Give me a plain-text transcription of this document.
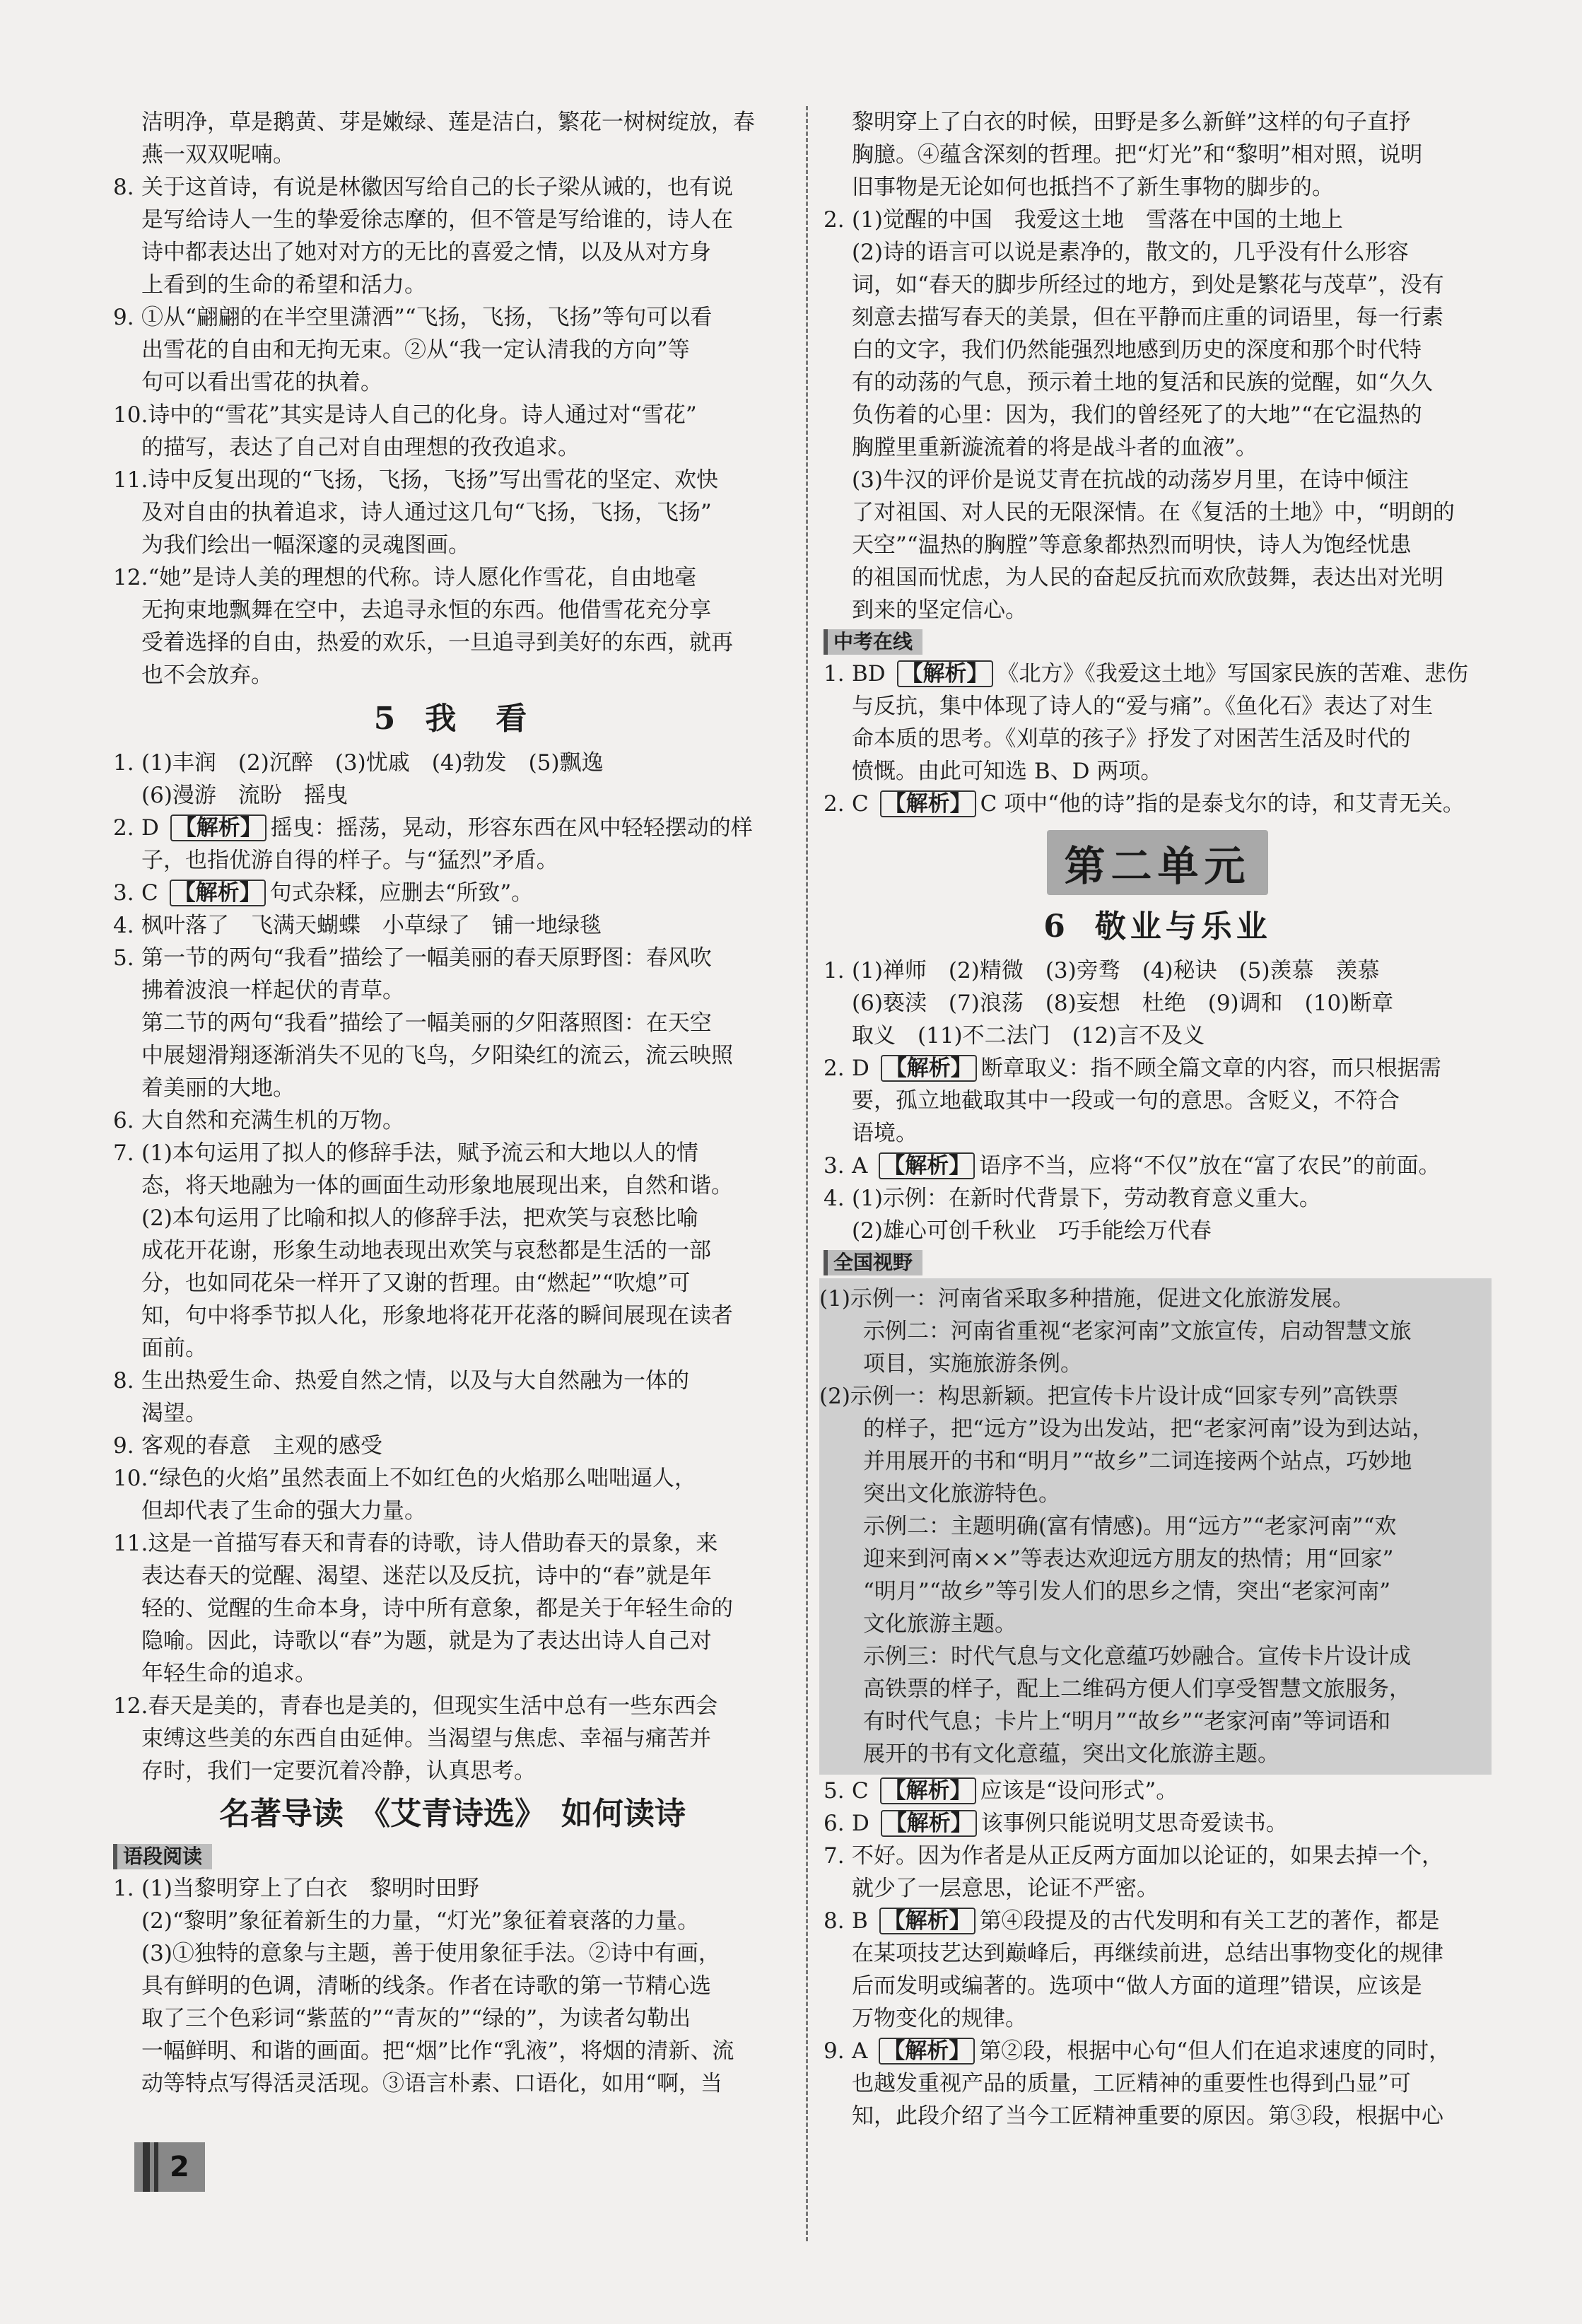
洁明净，草是鹅黄、芽是嫩绿、莲是洁白，繁花一树树绽放，春
燕一双双呢喃。
8. 关于这首诗，有说是林徽因写给自己的长子梁从诫的，也有说
是写给诗人一生的挚爱徐志摩的，但不管是写给谁的，诗人在
诗中都表达出了她对对方的无比的喜爱之情，以及从对方身
上看到的生命的希望和活力。
9. ①从“翩翩的在半空里潇洒”“飞扬，飞扬，飞扬”等句可以看
出雪花的自由和无拘无束。②从“我一定认清我的方向”等
句可以看出雪花的执着。
10.诗中的“雪花”其实是诗人自己的化身。诗人通过对“雪花”
的描写，表达了自己对自由理想的孜孜追求。
11.诗中反复出现的“飞扬，飞扬，飞扬”写出雪花的坚定、欢快
及对自由的执着追求，诗人通过这几句“飞扬，飞扬，飞扬”
为我们绘出一幅深邃的灵魂图画。
12.“她”是诗人美的理想的代称。诗人愿化作雪花，自由地毫
无拘束地飘舞在空中，去追寻永恒的东西。他借雪花充分享
受着选择的自由，热爱的欢乐，一旦追寻到美好的东西，就再
也不会放弃。
5 我　看
1. (1)丰润　(2)沉醉　(3)忧戚　(4)勃发　(5)飘逸
(6)漫游　流盼　摇曳
2. D 【解析】 摇曳：摇荡，晃动，形容东西在风中轻轻摆动的样
子，也指优游自得的样子。与“猛烈”矛盾。
3. C 【解析】 句式杂糅，应删去“所致”。
4. 枫叶落了　飞满天蝴蝶　小草绿了　铺一地绿毯
5. 第一节的两句“我看”描绘了一幅美丽的春天原野图：春风吹
拂着波浪一样起伏的青草。
第二节的两句“我看”描绘了一幅美丽的夕阳落照图：在天空
中展翅滑翔逐渐消失不见的飞鸟，夕阳染红的流云，流云映照
着美丽的大地。
6. 大自然和充满生机的万物。
7. (1)本句运用了拟人的修辞手法，赋予流云和大地以人的情
态，将天地融为一体的画面生动形象地展现出来，自然和谐。
(2)本句运用了比喻和拟人的修辞手法，把欢笑与哀愁比喻
成花开花谢，形象生动地表现出欢笑与哀愁都是生活的一部
分，也如同花朵一样开了又谢的哲理。由“燃起”“吹熄”可
知，句中将季节拟人化，形象地将花开花落的瞬间展现在读者
面前。
8. 生出热爱生命、热爱自然之情，以及与大自然融为一体的
渴望。
9. 客观的春意　主观的感受
10.“绿色的火焰”虽然表面上不如红色的火焰那么咄咄逼人，
但却代表了生命的强大力量。
11.这是一首描写春天和青春的诗歌，诗人借助春天的景象，来
表达春天的觉醒、渴望、迷茫以及反抗，诗中的“春”就是年
轻的、觉醒的生命本身，诗中所有意象，都是关于年轻生命的
隐喻。因此，诗歌以“春”为题，就是为了表达出诗人自己对
年轻生命的追求。
12.春天是美的，青春也是美的，但现实生活中总有一些东西会
束缚这些美的东西自由延伸。当渴望与焦虑、幸福与痛苦并
存时，我们一定要沉着冷静，认真思考。
名著导读　《艾青诗选》　如何读诗
语段阅读
1. (1)当黎明穿上了白衣　黎明时田野
(2)“黎明”象征着新生的力量，“灯光”象征着衰落的力量。
(3)①独特的意象与主题，善于使用象征手法。②诗中有画，
具有鲜明的色调，清晰的线条。作者在诗歌的第一节精心选
取了三个色彩词“紫蓝的”“青灰的”“绿的”，为读者勾勒出
一幅鲜明、和谐的画面。把“烟”比作“乳液”，将烟的清新、流
动等特点写得活灵活现。③语言朴素、口语化，如用“啊，当
黎明穿上了白衣的时候，田野是多么新鲜”这样的句子直抒
胸臆。④蕴含深刻的哲理。把“灯光”和“黎明”相对照，说明
旧事物是无论如何也抵挡不了新生事物的脚步的。
2. (1)觉醒的中国　我爱这土地　雪落在中国的土地上
(2)诗的语言可以说是素净的，散文的，几乎没有什么形容
词，如“春天的脚步所经过的地方，到处是繁花与茂草”，没有
刻意去描写春天的美景，但在平静而庄重的词语里，每一行素
白的文字，我们仍然能强烈地感到历史的深度和那个时代特
有的动荡的气息，预示着土地的复活和民族的觉醒，如“久久
负伤着的心里：因为，我们的曾经死了的大地”“在它温热的
胸膛里重新漩流着的将是战斗者的血液”。
(3)牛汉的评价是说艾青在抗战的动荡岁月里，在诗中倾注
了对祖国、对人民的无限深情。在《复活的土地》中，“明朗的
天空”“温热的胸膛”等意象都热烈而明快，诗人为饱经忧患
的祖国而忧虑，为人民的奋起反抗而欢欣鼓舞，表达出对光明
到来的坚定信心。
中考在线
1. BD 【解析】 《北方》《我爱这土地》写国家民族的苦难、悲伤
与反抗，集中体现了诗人的“爱与痛”。《鱼化石》表达了对生
命本质的思考。《刈草的孩子》抒发了对困苦生活及时代的
愤慨。由此可知选 B、D 两项。
2. C 【解析】 C 项中“他的诗”指的是泰戈尔的诗，和艾青无关。
第二单元
6 敬业与乐业
1. (1)禅师　(2)精微　(3)旁骛　(4)秘诀　(5)羡慕　羡慕
(6)亵渎　(7)浪荡　(8)妄想　杜绝　(9)调和　(10)断章
取义　(11)不二法门　(12)言不及义
2. D 【解析】 断章取义：指不顾全篇文章的内容，而只根据需
要，孤立地截取其中一段或一句的意思。含贬义，不符合
语境。
3. A 【解析】 语序不当，应将“不仅”放在“富了农民”的前面。
4. (1)示例：在新时代背景下，劳动教育意义重大。
(2)雄心可创千秋业　巧手能绘万代春
全国视野
(1)示例一：河南省采取多种措施，促进文化旅游发展。
　　示例二：河南省重视“老家河南”文旅宣传，启动智慧文旅
　　项目，实施旅游条例。
(2)示例一：构思新颖。把宣传卡片设计成“回家专列”高铁票
　　的样子，把“远方”设为出发站，把“老家河南”设为到达站，
　　并用展开的书和“明月”“故乡”二词连接两个站点，巧妙地
　　突出文化旅游特色。
　　示例二：主题明确(富有情感)。用“远方”“老家河南”“欢
　　迎来到河南××”等表达欢迎远方朋友的热情；用“回家”
　　“明月”“故乡”等引发人们的思乡之情，突出“老家河南”
　　文化旅游主题。
　　示例三：时代气息与文化意蕴巧妙融合。宣传卡片设计成
　　高铁票的样子，配上二维码方便人们享受智慧文旅服务，
　　有时代气息；卡片上“明月”“故乡”“老家河南”等词语和
　　展开的书有文化意蕴，突出文化旅游主题。
5. C 【解析】 应该是“设问形式”。
6. D 【解析】 该事例只能说明艾思奇爱读书。
7. 不好。因为作者是从正反两方面加以论证的，如果去掉一个，
就少了一层意思，论证不严密。
8. B 【解析】 第④段提及的古代发明和有关工艺的著作，都是
在某项技艺达到巅峰后，再继续前进，总结出事物变化的规律
后而发明或编著的。选项中“做人方面的道理”错误，应该是
万物变化的规律。
9. A 【解析】 第②段，根据中心句“但人们在追求速度的同时，
也越发重视产品的质量，工匠精神的重要性也得到凸显”可
知，此段介绍了当今工匠精神重要的原因。第③段，根据中心
2
